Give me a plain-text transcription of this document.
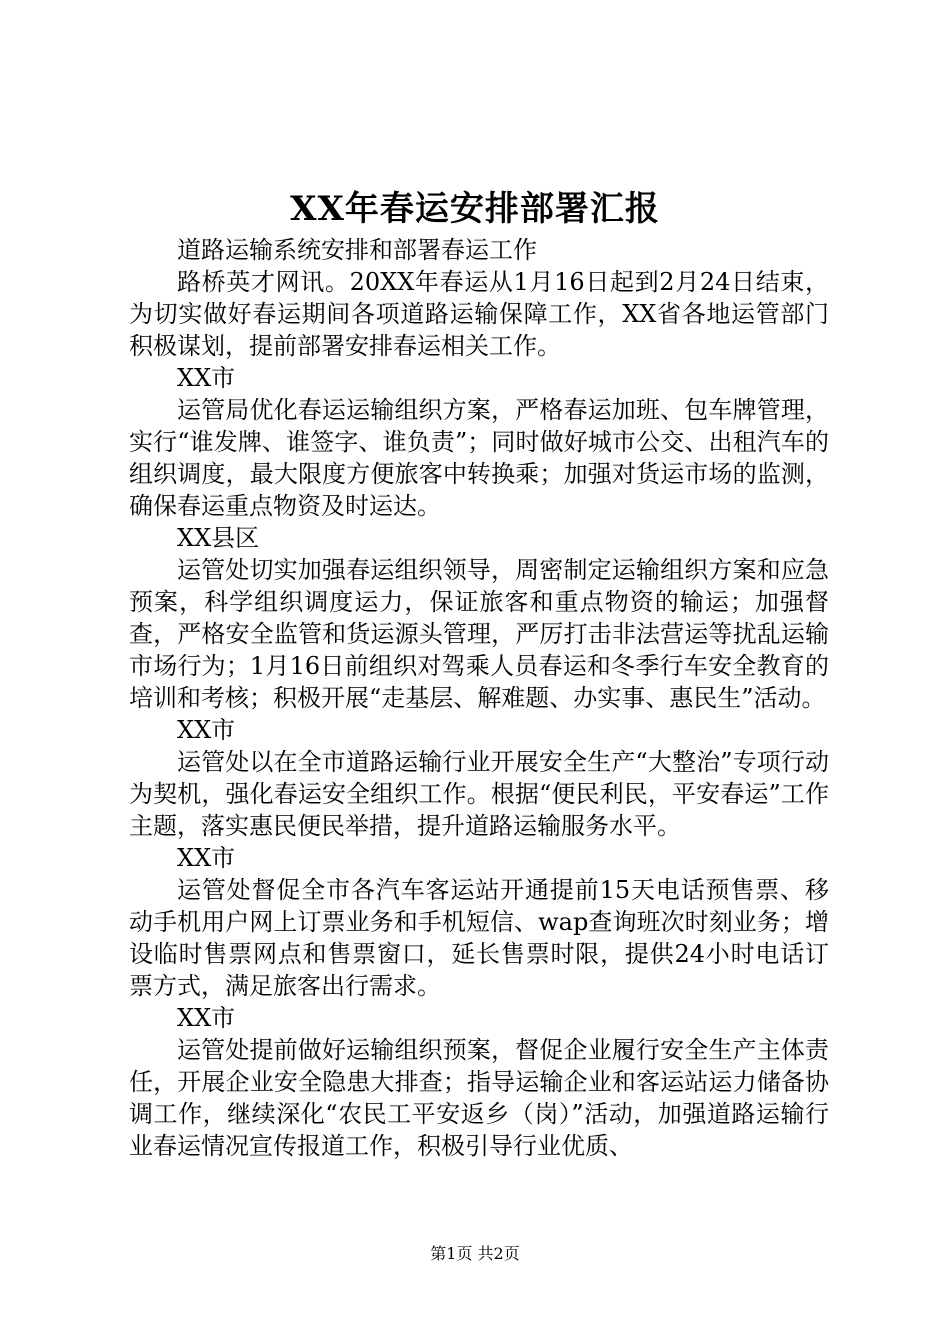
XX年春运安排部署汇报

道路运输系统安排和部署春运工作

路桥英才网讯。20XX年春运从1月16日起到2月24日结束，为切实做好春运期间各项道路运输保障工作，XX省各地运管部门积极谋划，提前部署安排春运相关工作。

XX市

运管局优化春运运输组织方案，严格春运加班、包车牌管理，实行“谁发牌、谁签字、谁负责”；同时做好城市公交、出租汽车的组织调度，最大限度方便旅客中转换乘；加强对货运市场的监测，确保春运重点物资及时运达。

XX县区

运管处切实加强春运组织领导，周密制定运输组织方案和应急预案，科学组织调度运力，保证旅客和重点物资的输运；加强督查，严格安全监管和货运源头管理，严厉打击非法营运等扰乱运输市场行为；1月16日前组织对驾乘人员春运和冬季行车安全教育的培训和考核；积极开展“走基层、解难题、办实事、惠民生”活动。

XX市

运管处以在全市道路运输行业开展安全生产“大整治”专项行动为契机，强化春运安全组织工作。根据“便民利民，平安春运”工作主题，落实惠民便民举措，提升道路运输服务水平。

XX市

运管处督促全市各汽车客运站开通提前15天电话预售票、移动手机用户网上订票业务和手机短信、wap查询班次时刻业务；增设临时售票网点和售票窗口，延长售票时限，提供24小时电话订票方式，满足旅客出行需求。

XX市

运管处提前做好运输组织预案，督促企业履行安全生产主体责任，开展企业安全隐患大排查；指导运输企业和客运站运力储备协调工作，继续深化“农民工平安返乡（岗）”活动，加强道路运输行业春运情况宣传报道工作，积极引导行业优质、

第1页 共2页
